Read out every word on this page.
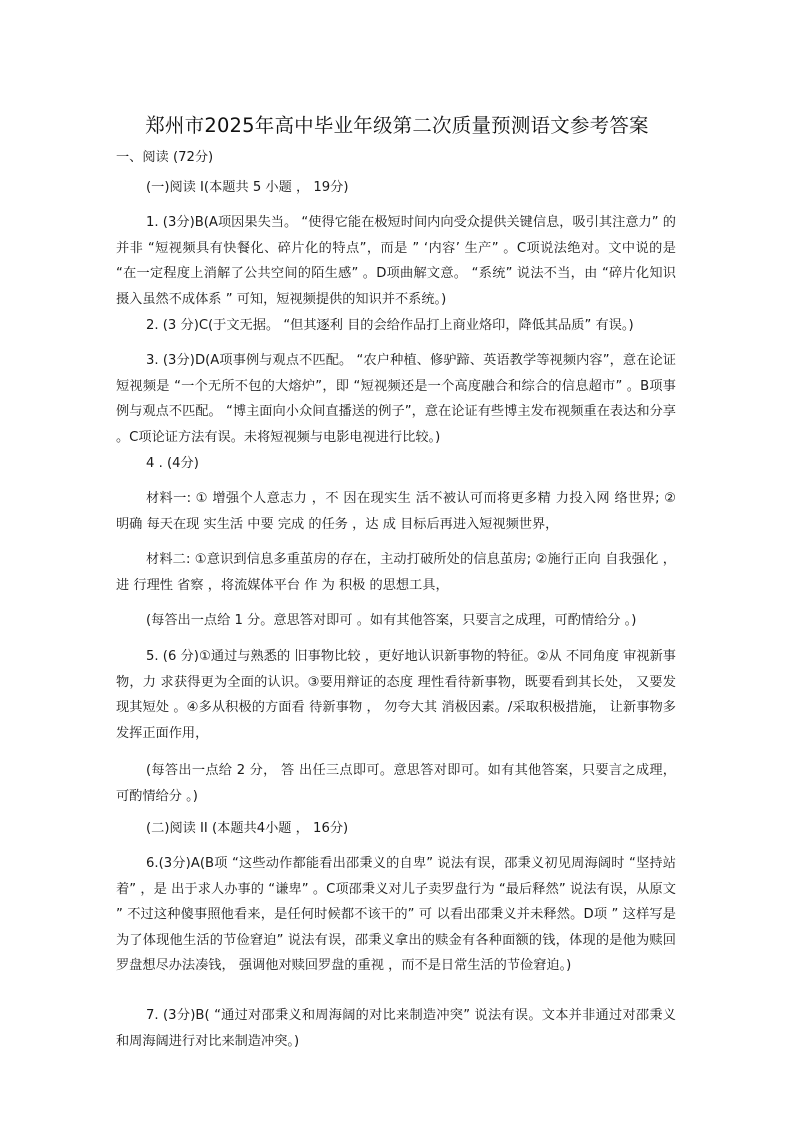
郑州市2025年高中毕业年级第二次质量预测语文参考答案
一、阅读 (72分)
(一)阅读 I(本题共 5 小题 ， 19分)
1. (3分)B(A项因果失当。 “使得它能在极短时间内向受众提供关键信息，吸引其注意力” 的并非 “短视频具有快餐化、碎片化的特点”，而是 ” ‘内容’ 生产” 。C项说法绝对。文中说的是 “在一定程度上消解了公共空间的陌生感” 。D项曲解文意。 “系统” 说法不当，由 “碎片化知识摄入虽然不成体系 ” 可知，短视频提供的知识并不系统。)
2. (3 分)C(于文无据。 “但其逐利 目的会给作品打上商业烙印，降低其品质” 有误。)
3. (3分)D(A项事例与观点不匹配。 “农户种植、修驴蹄、英语教学等视频内容”，意在论证短视频是 “一个无所不包的大熔炉”，即 “短视频还是一个高度融合和综合的信息超市” 。B项事例与观点不匹配。 “博主面向小众间直播送的例子”，意在论证有些博主发布视频重在表达和分享 。C项论证方法有误。未将短视频与电影电视进行比较。)
4 . (4分)
材料一: ① 增强个人意志力 ，不 因在现实生 活不被认可而将更多精 力投入网 络世界; ② 明确 每天在现 实生活 中要 完成 的任务 ，达 成 目标后再进入短视频世界，
材料二: ①意识到信息多重茧房的存在，主动打破所处的信息茧房; ②施行正向 自我强化 ，进 行理性 省察 ，将流媒体平台 作 为 积极 的思想工具，
(每答出一点给 1 分。意思答对即可 。如有其他答案，只要言之成理，可酌情给分 。)
5. (6 分)①通过与熟悉的 旧事物比较 ，更好地认识新事物的特征。②从 不同角度 审视新事物，力 求获得更为全面的认识。③要用辩证的态度 理性看待新事物，既要看到其长处， 又要发现其短处 。④多从积极的方面看 待新事物 ， 勿夸大其 消极因素。/采取积极措施， 让新事物多发挥正面作用，
(每答出一点给 2 分， 答 出任三点即可。意思答对即可。如有其他答案，只要言之成理，可酌情给分 。)
(二)阅读 II (本题共4小题 ， 16分)
6.(3分)A(B项 “这些动作都能看出邵秉义的自卑” 说法有误，邵秉义初见周海阔时 “坚持站着” ，是 出于求人办事的 “谦卑” 。C项邵秉义对儿子卖罗盘行为 “最后释然” 说法有误，从原文 ” 不过这种傻事照他看来，是任何时候都不该干的” 可 以看出邵秉义并未释然。D项 ” 这样写是为了体现他生活的节俭窘迫” 说法有误，邵秉义拿出的赎金有各种面额的钱，体现的是他为赎回罗盘想尽办法凑钱， 强调他对赎回罗盘的重视 ，而不是日常生活的节俭窘迫。)
7. (3分)B( “通过对邵秉义和周海阔的对比来制造冲突” 说法有误。文本并非通过对邵秉义和周海阔进行对比来制造冲突。)
